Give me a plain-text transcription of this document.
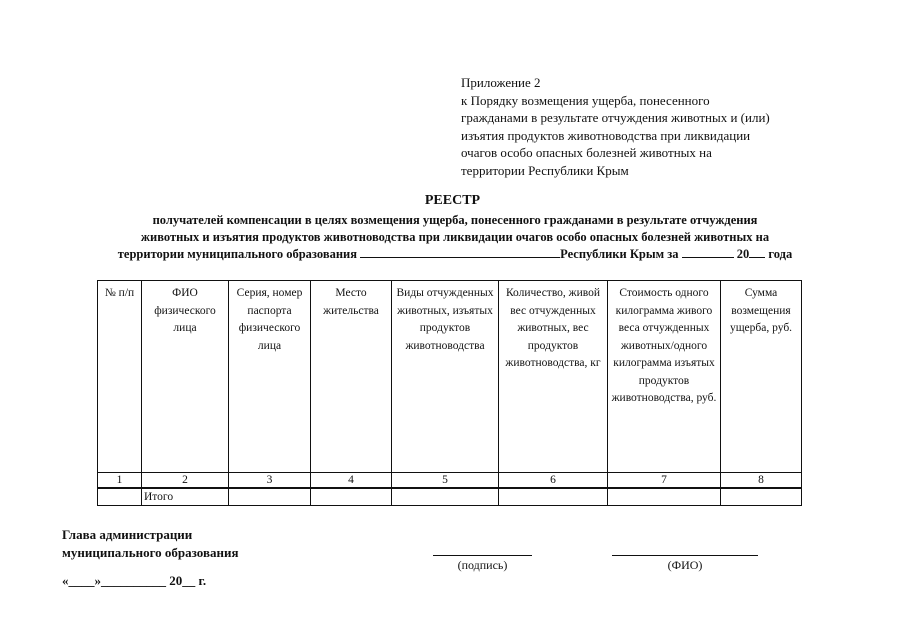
Приложение 2
к Порядку возмещения ущерба, понесенного
гражданами в результате отчуждения животных и (или)
изъятия продуктов животноводства при ликвидации
очагов особо опасных болезней животных на
территории Республики Крым
РЕЕСТР
получателей компенсации в целях возмещения ущерба, понесенного гражданами в результате отчуждения
животных и изъятия продуктов животноводства при ликвидации очагов особо опасных болезней животных на
территории муниципального образования	Республики Крым за	20 года
№ п/п	ФИО физического лица	Серия, номер паспорта физического лица	Место жительства	Виды отчужденных животных, изъятых продуктов животноводства	Количество, живой вес отчужденных животных, вес продуктов животноводства, кг	Стоимость одного килограмма живого веса отчужденных животных/одного килограмма изъятых продуктов животноводства, руб.	Сумма возмещения ущерба, руб.
1	2	3	4	5	6	7	8
	Итого						
Глава администрации
муниципального образования
(подпись)	(ФИО)
«____»__________ 20__ г.
